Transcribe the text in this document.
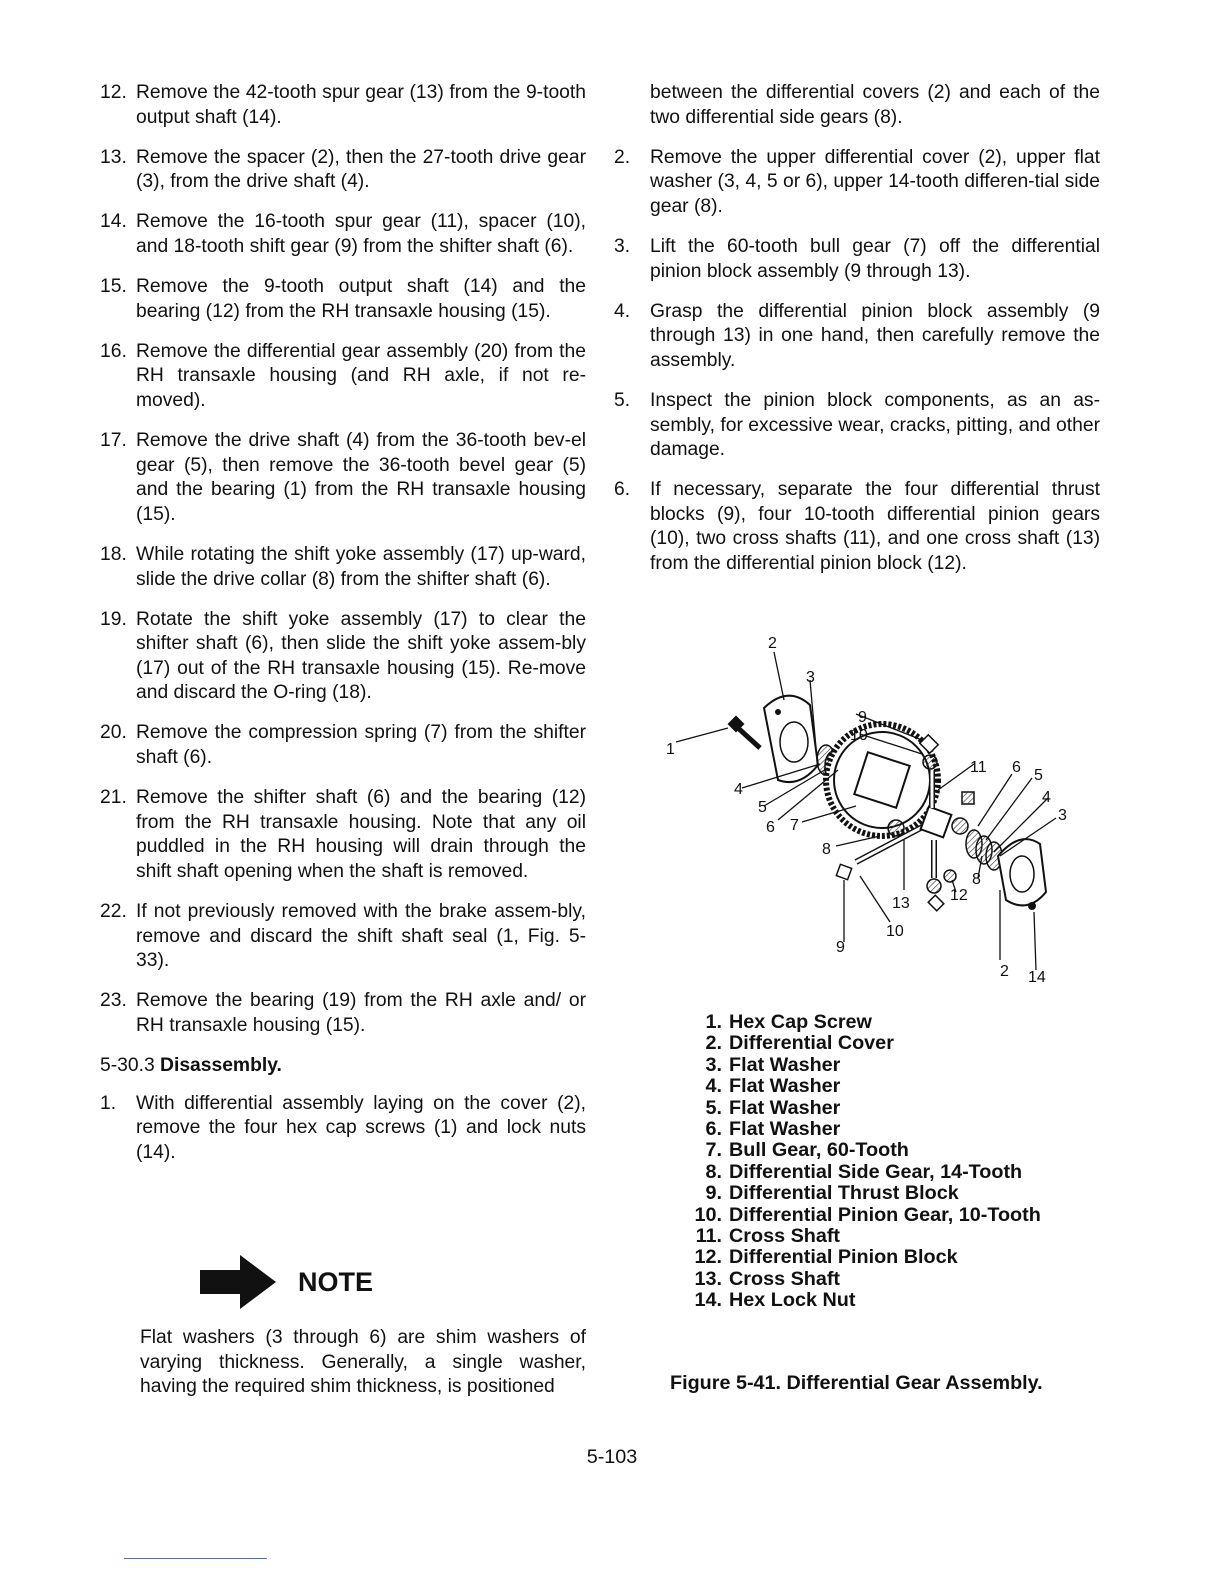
12. Remove the 42-tooth spur gear (13) from the 9-tooth output shaft (14).
13. Remove the spacer (2), then the 27-tooth drive gear (3), from the drive shaft (4).
14. Remove the 16-tooth spur gear (11), spacer (10), and 18-tooth shift gear (9) from the shifter shaft (6).
15. Remove the 9-tooth output shaft (14) and the bearing (12) from the RH transaxle housing (15).
16. Remove the differential gear assembly (20) from the RH transaxle housing (and RH axle, if not re-moved).
17. Remove the drive shaft (4) from the 36-tooth bev-el gear (5), then remove the 36-tooth bevel gear (5) and the bearing (1) from the RH transaxle housing (15).
18. While rotating the shift yoke assembly (17) up-ward, slide the drive collar (8) from the shifter shaft (6).
19. Rotate the shift yoke assembly (17) to clear the shifter shaft (6), then slide the shift yoke assem-bly (17) out of the RH transaxle housing (15). Re-move and discard the O-ring (18).
20. Remove the compression spring (7) from the shifter shaft (6).
21. Remove the shifter shaft (6) and the bearing (12) from the RH transaxle housing. Note that any oil puddled in the RH housing will drain through the shift shaft opening when the shaft is removed.
22. If not previously removed with the brake assem-bly, remove and discard the shift shaft seal (1, Fig. 5-33).
23. Remove the bearing (19) from the RH axle and/ or RH transaxle housing (15).
5-30.3 Disassembly.
1.	With differential assembly laying on the cover (2), remove the four hex cap screws (1) and lock nuts (14).
NOTE
Flat washers (3 through 6) are shim washers of varying thickness. Generally, a single washer, having the required shim thickness, is positioned
between the differential covers (2) and each of the two differential side gears (8).
2.	Remove the upper differential cover (2), upper flat washer (3, 4, 5 or 6), upper 14-tooth differen-tial side gear (8).
3.	Lift the 60-tooth bull gear (7) off the differential pinion block assembly (9 through 13).
4.	Grasp the differential pinion block assembly (9 through 13) in one hand, then carefully remove the assembly.
5.	Inspect the pinion block components, as an as-sembly, for excessive wear, cracks, pitting, and other damage.
6.	If necessary, separate the four differential thrust blocks (9), four 10-tooth differential pinion gears (10), two cross shafts (11), and one cross shaft (13) from the differential pinion block (12).
2
3
1
9
10
11 6 5
4
3
4
5
6 7
8
8
12
13
10
9
2 14
1. Hex Cap Screw
2. Differential Cover
3. Flat Washer
4. Flat Washer
5. Flat Washer
6. Flat Washer
7. Bull Gear, 60-Tooth
8. Differential Side Gear, 14-Tooth
9. Differential Thrust Block
10. Differential Pinion Gear, 10-Tooth
11. Cross Shaft
12. Differential Pinion Block
13. Cross Shaft
14. Hex Lock Nut
Figure 5-41. Differential Gear Assembly.
5-103
